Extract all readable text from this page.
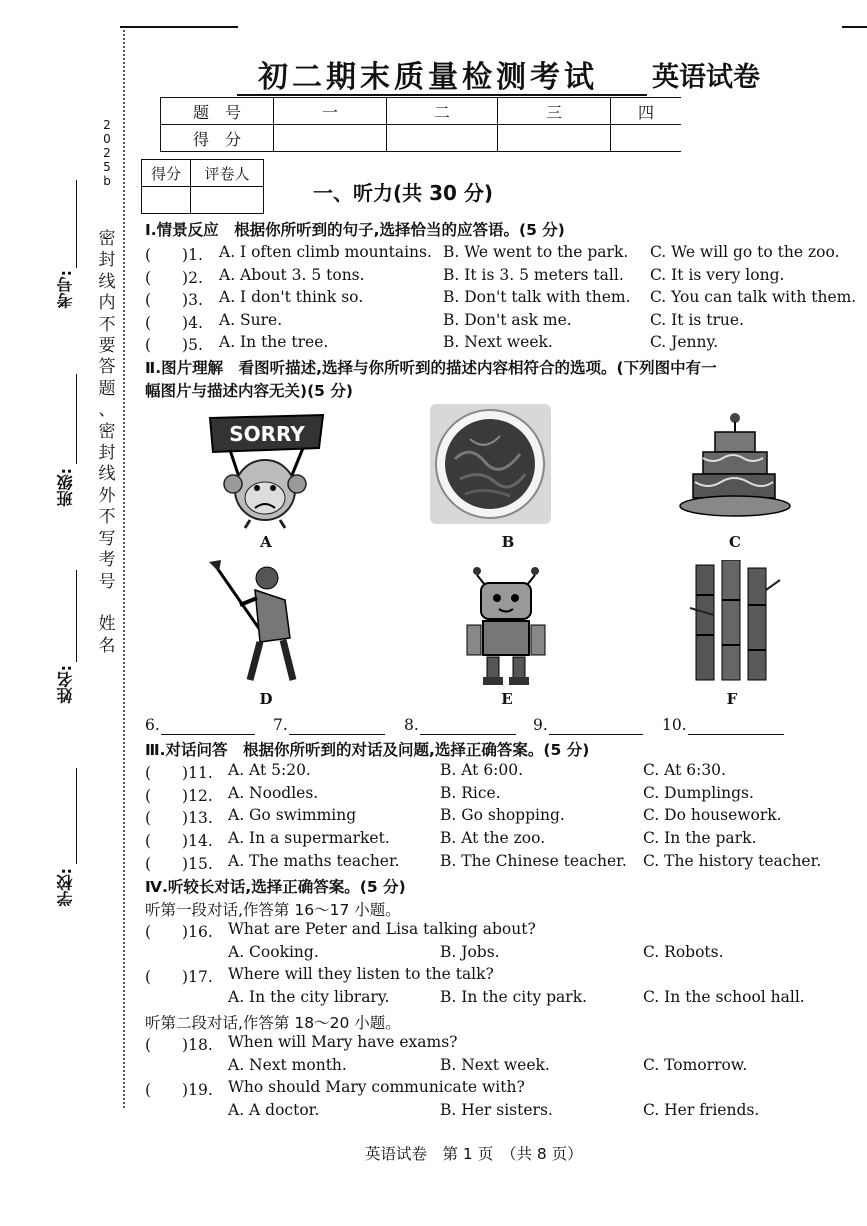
2
0
2
5
b
密
封
线
内
不
要
答
题
、
密
封
线
外
不
写
考
号

姓
名
考号:
班级:
姓名:
学校:
初二期末质量检测考试 英语试卷
题　号	一	二	三	四
得　分				
得分	评卷人

一、听力(共 30 分)
Ⅰ.情景反应　根据你所听到的句子,选择恰当的应答语。(5 分)
(　　)1. A. I often climb mountains. B. We went to the park. C. We will go to the zoo.
(　　)2. A. About 3. 5 tons.	B. It is 3. 5 meters tall. C. It is very long.
(　　)3. A. I don't think so.	B. Don't talk with them. C. You can talk with them.
(　　)4. A. Sure.	B. Don't ask me.	C. It is true.
(　　)5. A. In the tree.	B. Next week.	C. Jenny.
Ⅱ.图片理解　看图听描述,选择与你所听到的描述内容相符合的选项。(下列图中有一
幅图片与描述内容无关)(5 分)
SORRY
A	B	C
D	E	F
6.	7.	8.	9.	10.
Ⅲ.对话问答　根据你所听到的对话及问题,选择正确答案。(5 分)
(　　)11. A. At 5:20.	B. At 6:00.	C. At 6:30.
(　　)12. A. Noodles.	B. Rice.	C. Dumplings.
(　　)13. A. Go swimming	B. Go shopping.	C. Do housework.
(　　)14. A. In a supermarket.	B. At the zoo.	C. In the park.
(　　)15. A. The maths teacher.	B. The Chinese teacher. C. The history teacher.
Ⅳ.听较长对话,选择正确答案。(5 分)
听第一段对话,作答第 16～17 小题。
(　　)16. What are Peter and Lisa talking about?
A. Cooking.	B. Jobs.	C. Robots.
(　　)17. Where will they listen to the talk?
A. In the city library.	B. In the city park.	C. In the school hall.
听第二段对话,作答第 18～20 小题。
(　　)18. When will Mary have exams?
A. Next month.	B. Next week.	C. Tomorrow.
(　　)19. Who should Mary communicate with?
A. A doctor.	B. Her sisters.	C. Her friends.
英语试卷　第 1 页　（共 8 页）
